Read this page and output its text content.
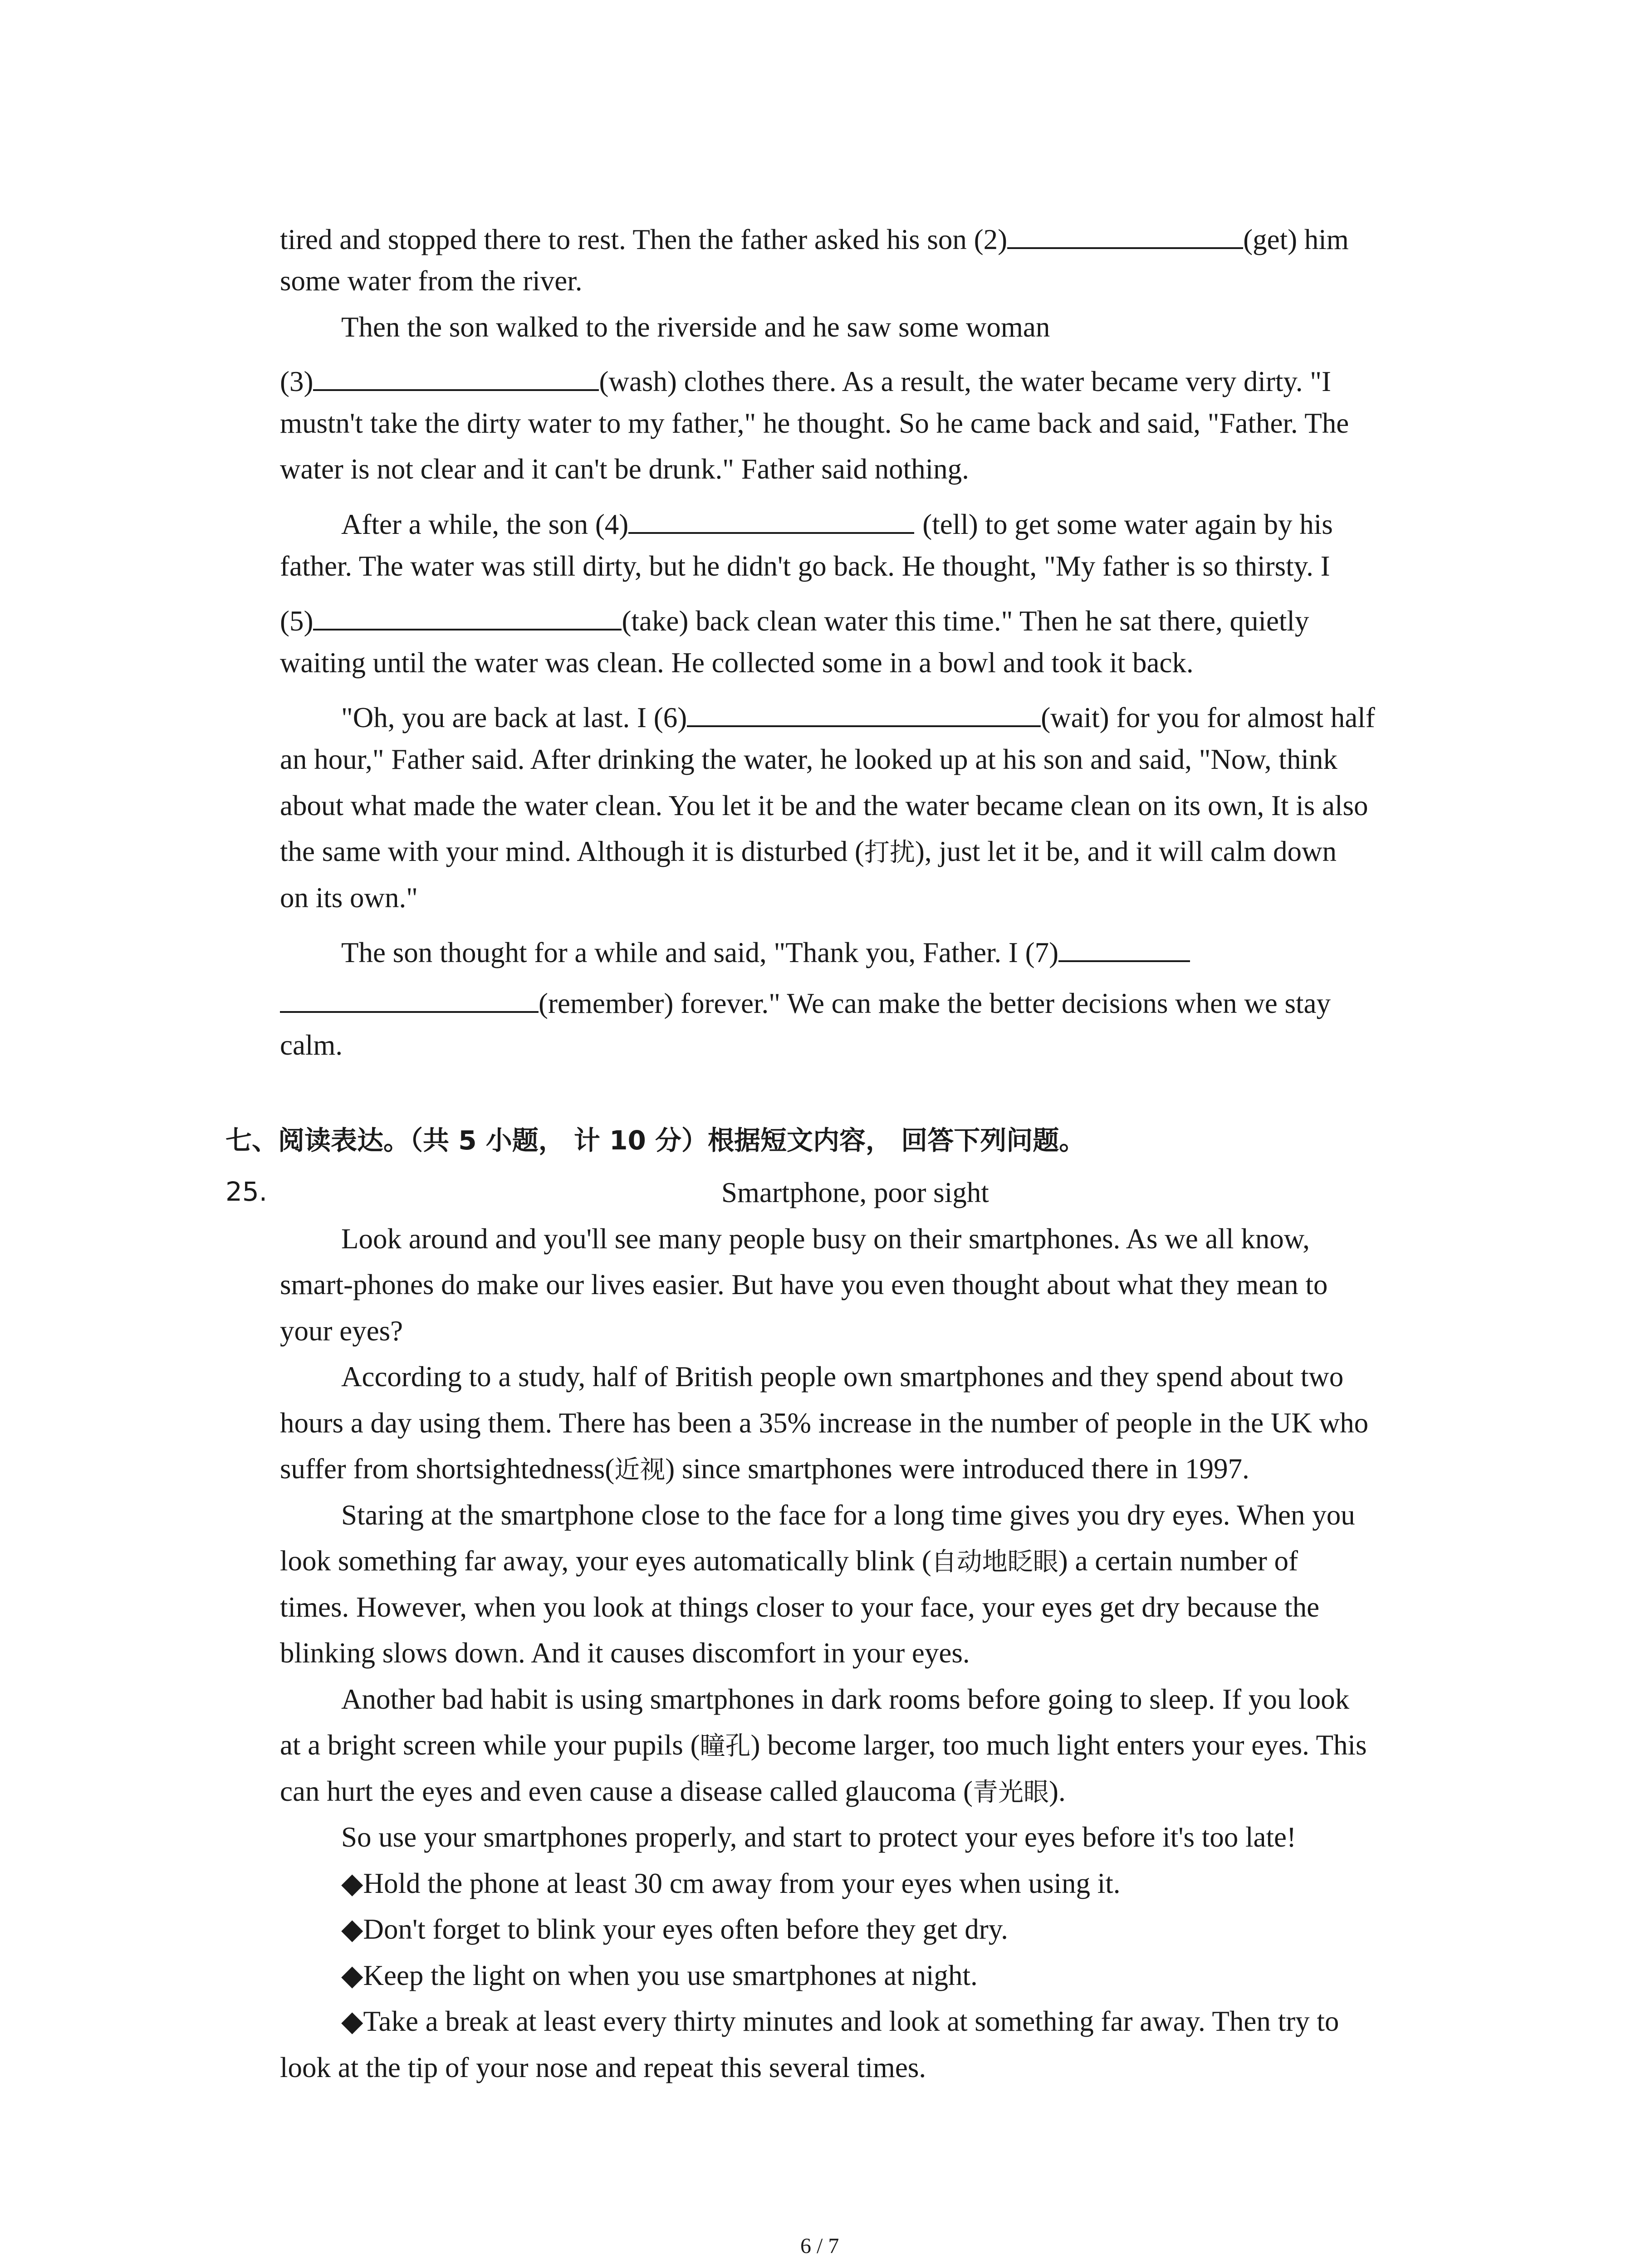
tired and stopped there to rest. Then the father asked his son (2)	(get) him
some water from the river.
Then the son walked to the riverside and he saw some woman
(3)	(wash) clothes there. As a result, the water became very dirty. "I
mustn't take the dirty water to my father," he thought. So he came back and said, "Father. The
water is not clear and it can't be drunk." Father said nothing.
After a while, the son (4)	(tell) to get some water again by his
father. The water was still dirty, but he didn't go back. He thought, "My father is so thirsty. I
(5)	(take) back clean water this time." Then he sat there, quietly
waiting until the water was clean. He collected some in a bowl and took it back.
"Oh, you are back at last. I (6)	(wait) for you for almost half
an hour," Father said. After drinking the water, he looked up at his son and said, "Now, think
about what made the water clean. You let it be and the water became clean on its own, It is also
the same with your mind. Although it is disturbed (打扰), just let it be, and it will calm down
on its own."
The son thought for a while and said, "Thank you, Father. I (7)
(remember) forever." We can make the better decisions when we stay
calm.
七、阅读表达。（共 5 小题， 计 10 分）根据短文内容， 回答下列问题。
25.	Smartphone, poor sight
Look around and you'll see many people busy on their smartphones. As we all know,
smart-phones do make our lives easier. But have you even thought about what they mean to
your eyes?
According to a study, half of British people own smartphones and they spend about two
hours a day using them. There has been a 35% increase in the number of people in the UK who
suffer from shortsightedness(近视) since smartphones were introduced there in 1997.
Staring at the smartphone close to the face for a long time gives you dry eyes. When you
look something far away, your eyes automatically blink (自动地眨眼) a certain number of
times. However, when you look at things closer to your face, your eyes get dry because the
blinking slows down. And it causes discomfort in your eyes.
Another bad habit is using smartphones in dark rooms before going to sleep. If you look
at a bright screen while your pupils (瞳孔) become larger, too much light enters your eyes. This
can hurt the eyes and even cause a disease called glaucoma (青光眼).
So use your smartphones properly, and start to protect your eyes before it's too late!
◆Hold the phone at least 30 cm away from your eyes when using it.
◆Don't forget to blink your eyes often before they get dry.
◆Keep the light on when you use smartphones at night.
◆Take a break at least every thirty minutes and look at something far away. Then try to
look at the tip of your nose and repeat this several times.
6 / 7
